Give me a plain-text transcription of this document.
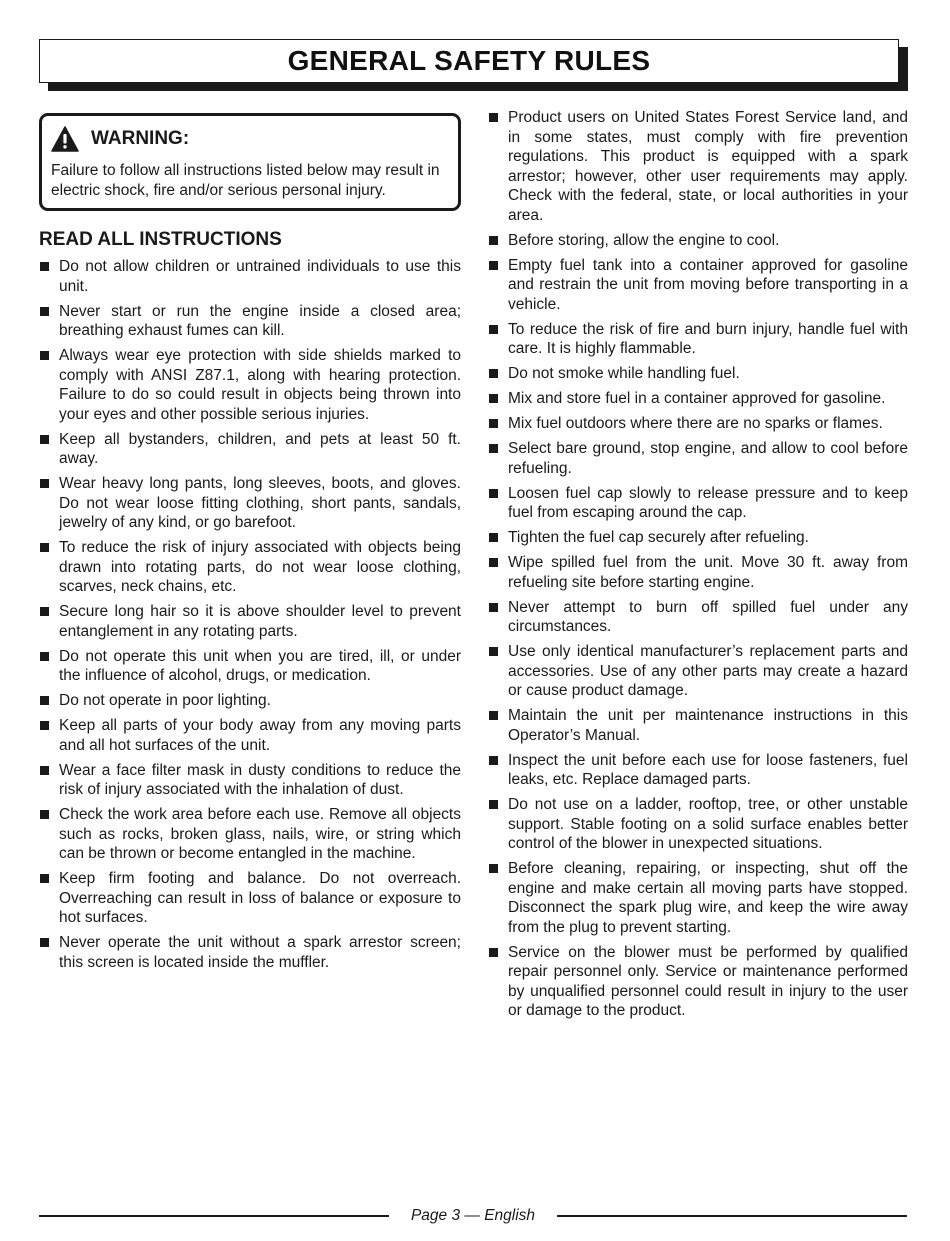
GENERAL SAFETY RULES
WARNING:
Failure to follow all instructions listed below may result in electric shock, fire and/or serious personal injury.
READ ALL INSTRUCTIONS
Do not allow children or untrained individuals to use this unit.
Never start or run the engine inside a closed area; breathing exhaust fumes can kill.
Always wear eye protection with side shields marked to comply with ANSI Z87.1, along with hearing protection. Failure to do so could result in objects being thrown into your eyes and other possible serious injuries.
Keep all bystanders, children, and pets at least 50 ft. away.
Wear heavy long pants, long sleeves, boots, and gloves. Do not wear loose fitting clothing, short pants, sandals, jewelry of any kind, or go barefoot.
To reduce the risk of injury associated with objects being drawn into rotating parts, do not wear loose clothing, scarves, neck chains, etc.
Secure long hair so it is above shoulder level to prevent entanglement in any rotating parts.
Do not operate this unit when you are tired, ill, or under the influence of alcohol, drugs, or medication.
Do not operate in poor lighting.
Keep all parts of your body away from any moving parts and all hot surfaces of the unit.
Wear a face filter mask in dusty conditions to reduce the risk of injury associated with the inhalation of dust.
Check the work area before each use. Remove all objects such as rocks, broken glass, nails, wire, or string which can be thrown or become entangled in the machine.
Keep firm footing and balance. Do not overreach. Overreaching can result in loss of balance or exposure to hot surfaces.
Never operate the unit without a spark arrestor screen; this screen is located inside the muffler.
Product users on United States Forest Service land, and in some states, must comply with fire prevention regulations. This product is equipped with a spark arrestor; however, other user requirements may apply. Check with the federal, state, or local authorities in your area.
Before storing, allow the engine to cool.
Empty fuel tank into a container approved for gasoline and restrain the unit from moving before transporting in a vehicle.
To reduce the risk of fire and burn injury, handle fuel with care. It is highly flammable.
Do not smoke while handling fuel.
Mix and store fuel in a container approved for gasoline.
Mix fuel outdoors where there are no sparks or flames.
Select bare ground, stop engine, and allow to cool before refueling.
Loosen fuel cap slowly to release pressure and to keep fuel from escaping around the cap.
Tighten the fuel cap securely after refueling.
Wipe spilled fuel from the unit. Move 30 ft. away from refueling site before starting engine.
Never attempt to burn off spilled fuel under any circumstances.
Use only identical manufacturer’s replacement parts and accessories. Use of any other parts may create a hazard or cause product damage.
Maintain the unit per maintenance instructions in this Operator’s Manual.
Inspect the unit before each use for loose fasteners, fuel leaks, etc. Replace damaged parts.
Do not use on a ladder, rooftop, tree, or other unstable support. Stable footing on a solid surface enables better control of the blower in unexpected situations.
Before cleaning, repairing, or inspecting, shut off the engine and make certain all moving parts have stopped. Disconnect the spark plug wire, and keep the wire away from the plug to prevent starting.
Service on the blower must be performed by qualified repair personnel only. Service or maintenance performed by unqualified personnel could result in injury to the user or damage to the product.
Page 3 — English
